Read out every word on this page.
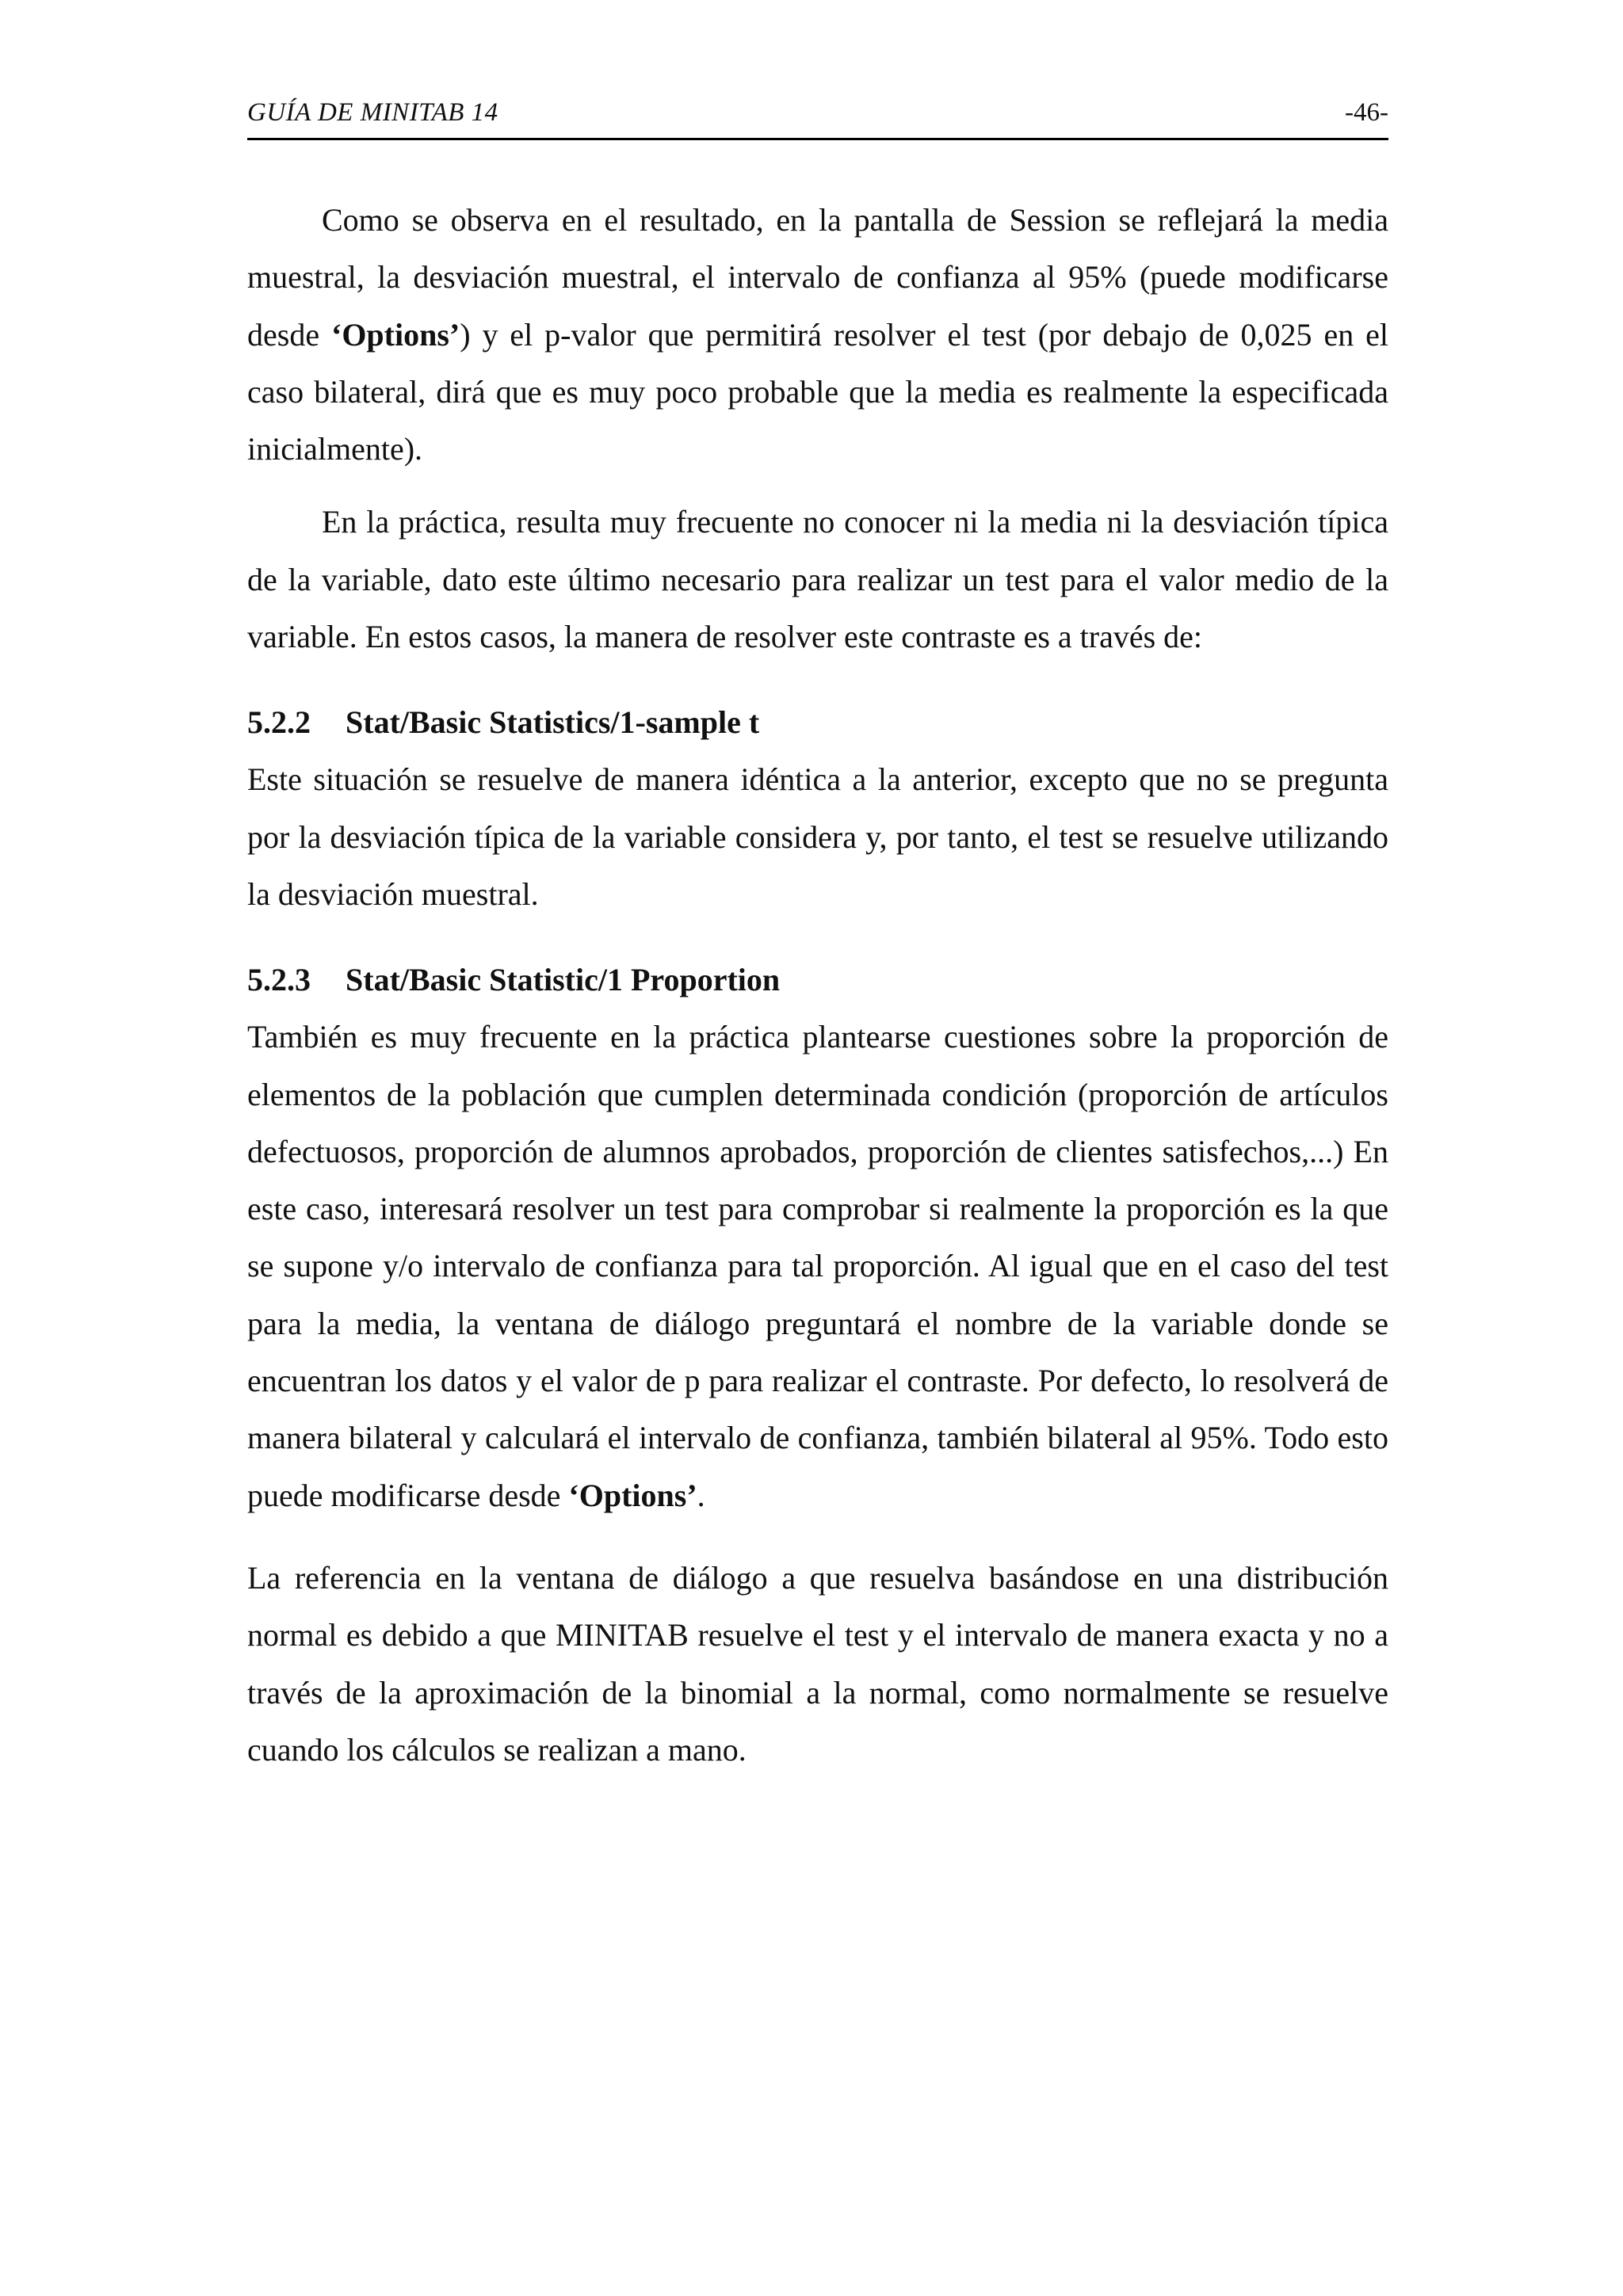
GUÍA DE MINITAB 14	-46-

Como se observa en el resultado, en la pantalla de Session se reflejará la media muestral, la desviación muestral, el intervalo de confianza al 95% (puede modificarse desde ‘Options’) y el p-valor que permitirá resolver el test (por debajo de 0,025 en el caso bilateral, dirá que es muy poco probable que la media es realmente la especificada inicialmente).

En la práctica, resulta muy frecuente no conocer ni la media ni la desviación típica de la variable, dato este último necesario para realizar un test para el valor medio de la variable. En estos casos, la manera de resolver este contraste es a través de:

5.2.2 Stat/Basic Statistics/1-sample t

Este situación se resuelve de manera idéntica a la anterior, excepto que no se pregunta por la desviación típica de la variable considera y, por tanto, el test se resuelve utilizando la desviación muestral.

5.2.3 Stat/Basic Statistic/1 Proportion

También es muy frecuente en la práctica plantearse cuestiones sobre la proporción de elementos de la población que cumplen determinada condición (proporción de artículos defectuosos, proporción de alumnos aprobados, proporción de clientes satisfechos,...) En este caso, interesará resolver un test para comprobar si realmente la proporción es la que se supone y/o intervalo de confianza para tal proporción. Al igual que en el caso del test para la media, la ventana de diálogo preguntará el nombre de la variable donde se encuentran los datos y el valor de p para realizar el contraste. Por defecto, lo resolverá de manera bilateral y calculará el intervalo de confianza, también bilateral al 95%. Todo esto puede modificarse desde ‘Options’.

La referencia en la ventana de diálogo a que resuelva basándose en una distribución normal es debido a que MINITAB resuelve el test y el intervalo de manera exacta y no a través de la aproximación de la binomial a la normal, como normalmente se resuelve cuando los cálculos se realizan a mano.
